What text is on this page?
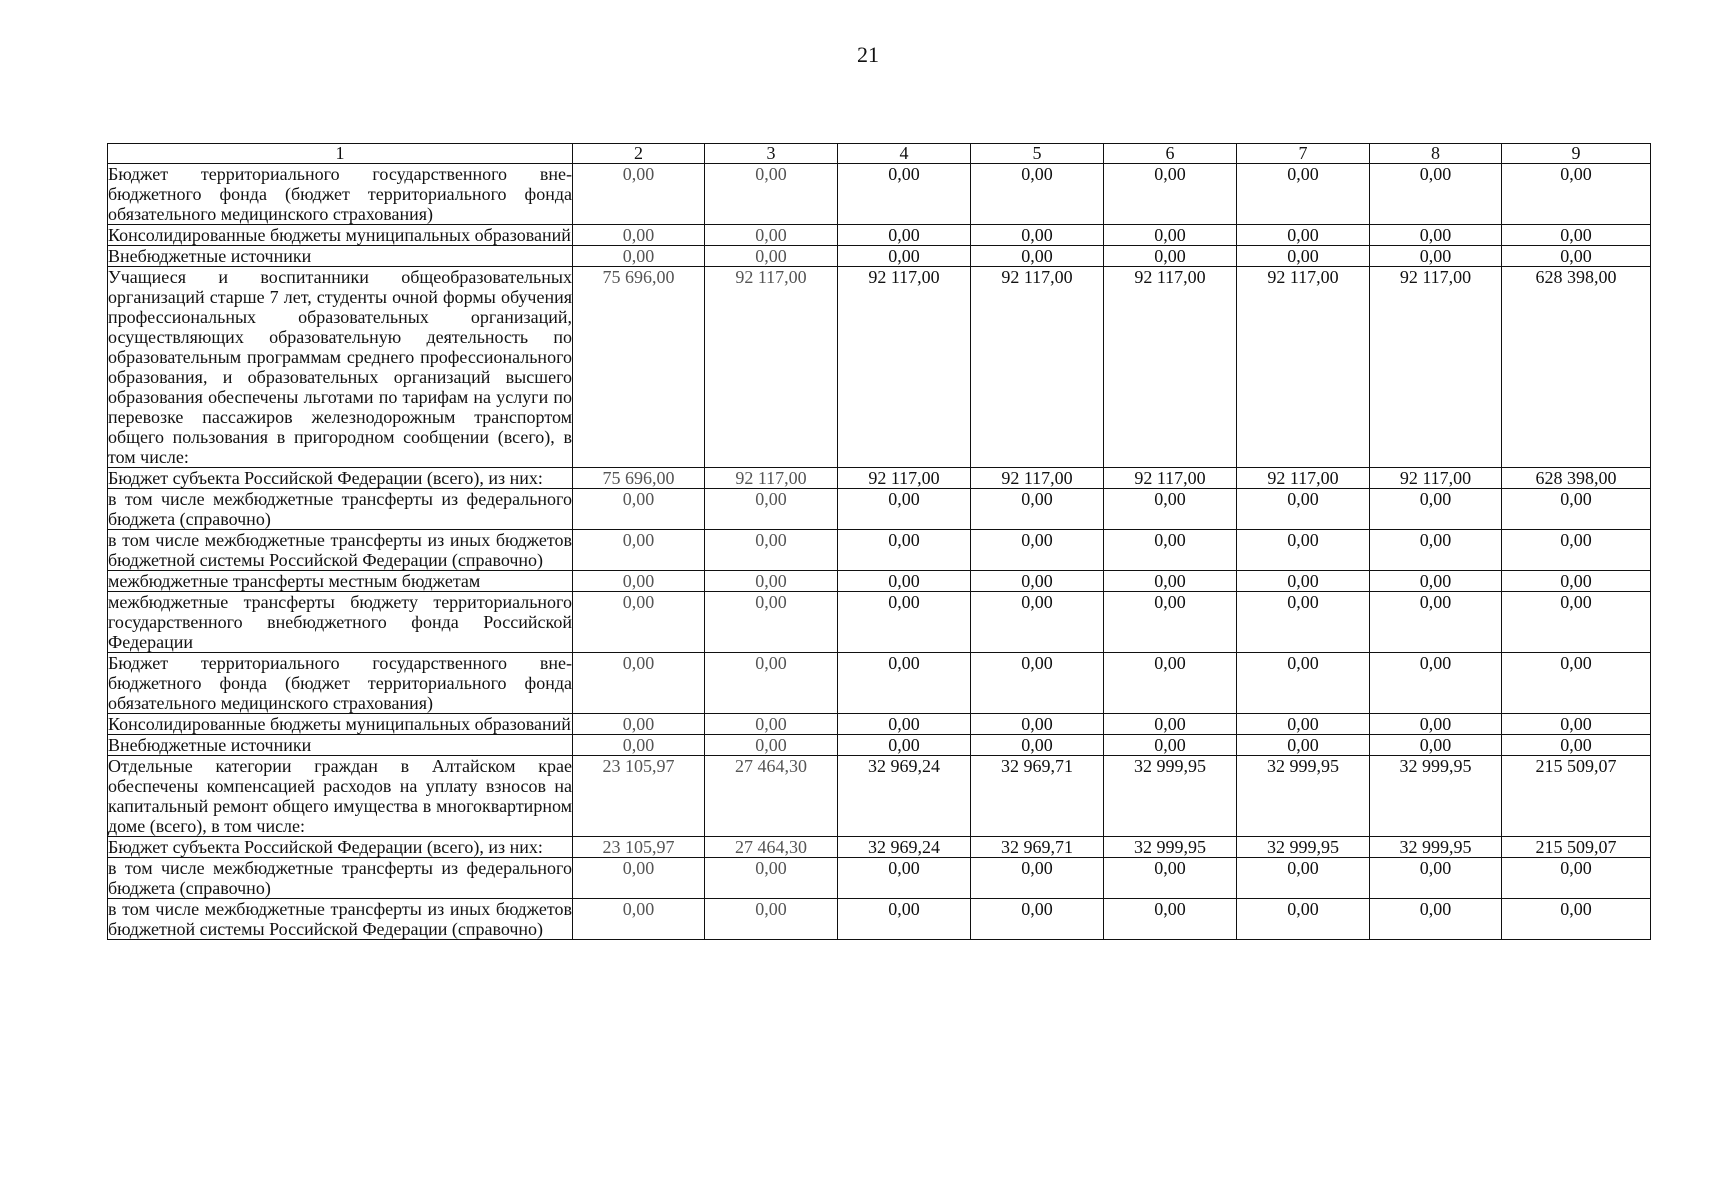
21
1	2	3	4	5	6	7	8	9
Бюджет территориального государственного внебюджетного фонда (бюджет территориального фонда обязательного медицинского страхования)	0,00	0,00	0,00	0,00	0,00	0,00	0,00	0,00
Консолидированные бюджеты муниципальных образований	0,00	0,00	0,00	0,00	0,00	0,00	0,00	0,00
Внебюджетные источники	0,00	0,00	0,00	0,00	0,00	0,00	0,00	0,00
Учащиеся и воспитанники общеобразовательных организаций старше 7 лет, студенты очной формы обучения профессиональных образовательных организаций, осуществляющих образовательную деятельность по образовательным программам среднего профессионального образования, и образовательных организаций высшего образования обеспечены льготами по тарифам на услуги по перевозке пассажиров железнодорожным транспортом общего пользования в пригородном сообщении (всего), в том числе:	75 696,00	92 117,00	92 117,00	92 117,00	92 117,00	92 117,00	92 117,00	628 398,00
Бюджет субъекта Российской Федерации (всего), из них:	75 696,00	92 117,00	92 117,00	92 117,00	92 117,00	92 117,00	92 117,00	628 398,00
в том числе межбюджетные трансферты из федерального бюджета (справочно)	0,00	0,00	0,00	0,00	0,00	0,00	0,00	0,00
в том числе межбюджетные трансферты из иных бюджетов бюджетной системы Российской Федерации (справочно)	0,00	0,00	0,00	0,00	0,00	0,00	0,00	0,00
межбюджетные трансферты местным бюджетам	0,00	0,00	0,00	0,00	0,00	0,00	0,00	0,00
межбюджетные трансферты бюджету территориального государственного внебюджетного фонда Российской Федерации	0,00	0,00	0,00	0,00	0,00	0,00	0,00	0,00
Бюджет территориального государственного внебюджетного фонда (бюджет территориального фонда обязательного медицинского страхования)	0,00	0,00	0,00	0,00	0,00	0,00	0,00	0,00
Консолидированные бюджеты муниципальных образований	0,00	0,00	0,00	0,00	0,00	0,00	0,00	0,00
Внебюджетные источники	0,00	0,00	0,00	0,00	0,00	0,00	0,00	0,00
Отдельные категории граждан в Алтайском крае обеспечены компенсацией расходов на уплату взносов на капитальный ремонт общего имущества в многоквартирном доме (всего), в том числе:	23 105,97	27 464,30	32 969,24	32 969,71	32 999,95	32 999,95	32 999,95	215 509,07
Бюджет субъекта Российской Федерации (всего), из них:	23 105,97	27 464,30	32 969,24	32 969,71	32 999,95	32 999,95	32 999,95	215 509,07
в том числе межбюджетные трансферты из федерального бюджета (справочно)	0,00	0,00	0,00	0,00	0,00	0,00	0,00	0,00
в том числе межбюджетные трансферты из иных бюджетов бюджетной системы Российской Федерации (справочно)	0,00	0,00	0,00	0,00	0,00	0,00	0,00	0,00
